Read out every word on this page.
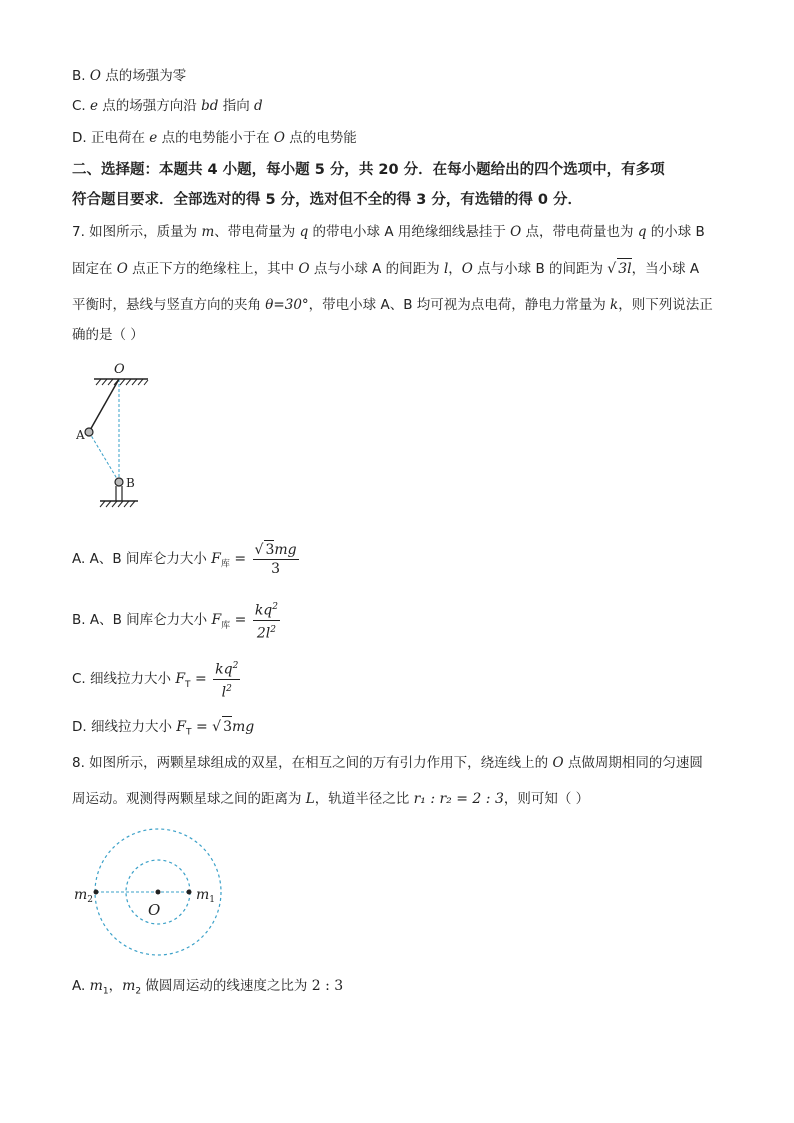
B. O 点的场强为零
C. e 点的场强方向沿 bd 指向 d
D. 正电荷在 e 点的电势能小于在 O 点的电势能
二、选择题：本题共 4 小题，每小题 5 分，共 20 分．在每小题给出的四个选项中，有多项
符合题目要求．全部选对的得 5 分，选对但不全的得 3 分，有选错的得 0 分．
7. 如图所示，质量为 m、带电荷量为 q 的带电小球 A 用绝缘细线悬挂于 O 点，带电荷量也为 q 的小球 B
固定在 O 点正下方的绝缘柱上，其中 O 点与小球 A 的间距为 l，O 点与小球 B 的间距为 √ 3l，当小球 A
平衡时，悬线与竖直方向的夹角 θ=30°，带电小球 A、B 均可视为点电荷，静电力常量为 k，则下列说法正
确的是（ ）
O
A
B
A. A、B 间库仑力大小 $F_库 = \frac{√ 3mg}{3}$
B. A、B 间库仑力大小 $F_库 = \frac{kq^2}{2l^2}$
C. 细线拉力大小 $F_T = \frac{kq^2}{l^2}$
D. 细线拉力大小 $F_T$ = √ 3mg
8. 如图所示，两颗星球组成的双星，在相互之间的万有引力作用下，绕连线上的 O 点做周期相同的匀速圆
周运动。观测得两颗星球之间的距离为 L，轨道半径之比 r₁ : r₂ = 2 : 3，则可知（ ）
$m_2$	$m_1$
O
A. $m_1$，$m_2$ 做圆周运动的线速度之比为 2 : 3
